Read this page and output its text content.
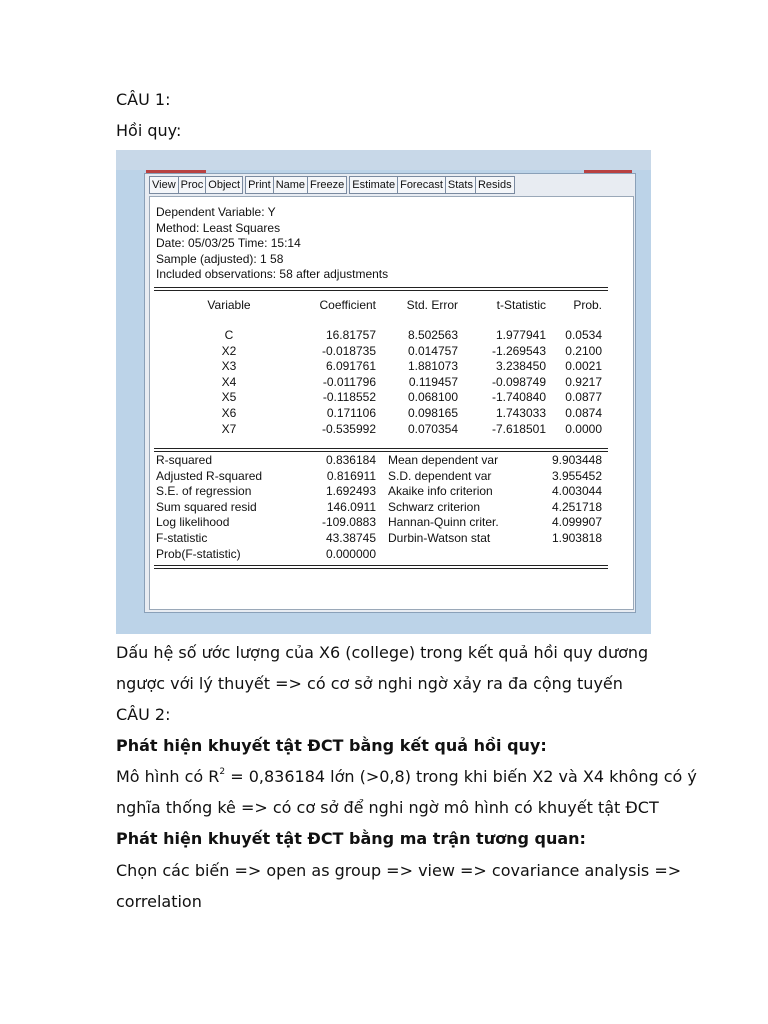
CÂU 1:
Hồi quy:
View Proc Object Print Name Freeze Estimate Forecast Stats Resids
Dependent Variable: Y
Method: Least Squares
Date: 05/03/25 Time: 15:14
Sample (adjusted): 1 58
Included observations: 58 after adjustments
Variable	Coefficient	Std. Error	t-Statistic	Prob.
C	16.81757	8.502563	1.977941	0.0534
X2	-0.018735	0.014757	-1.269543	0.2100
X3	6.091761	1.881073	3.238450	0.0021
X4	-0.011796	0.119457	-0.098749	0.9217
X5	-0.118552	0.068100	-1.740840	0.0877
X6	0.171106	0.098165	1.743033	0.0874
X7	-0.535992	0.070354	-7.618501	0.0000
R-squared	0.836184 Mean dependent var	9.903448
Adjusted R-squared	0.816911 S.D. dependent var	3.955452
S.E. of regression	1.692493 Akaike info criterion	4.003044
Sum squared resid	146.0911 Schwarz criterion	4.251718
Log likelihood	-109.0883 Hannan-Quinn criter.	4.099907
F-statistic	43.38745 Durbin-Watson stat	1.903818
Prob(F-statistic)	0.000000
Dấu hệ số ước lượng của X6 (college) trong kết quả hồi quy dương
ngược với lý thuyết => có cơ sở nghi ngờ xảy ra đa cộng tuyến
CÂU 2:
Phát hiện khuyết tật ĐCT bằng kết quả hồi quy:
Mô hình có $R^2 = 0,836184$ lớn (>0,8) trong khi biến X2 và X4 không có ý
nghĩa thống kê => có cơ sở để nghi ngờ mô hình có khuyết tật ĐCT
Phát hiện khuyết tật ĐCT bằng ma trận tương quan:
Chọn các biến => open as group => view => covariance analysis =>
correlation
